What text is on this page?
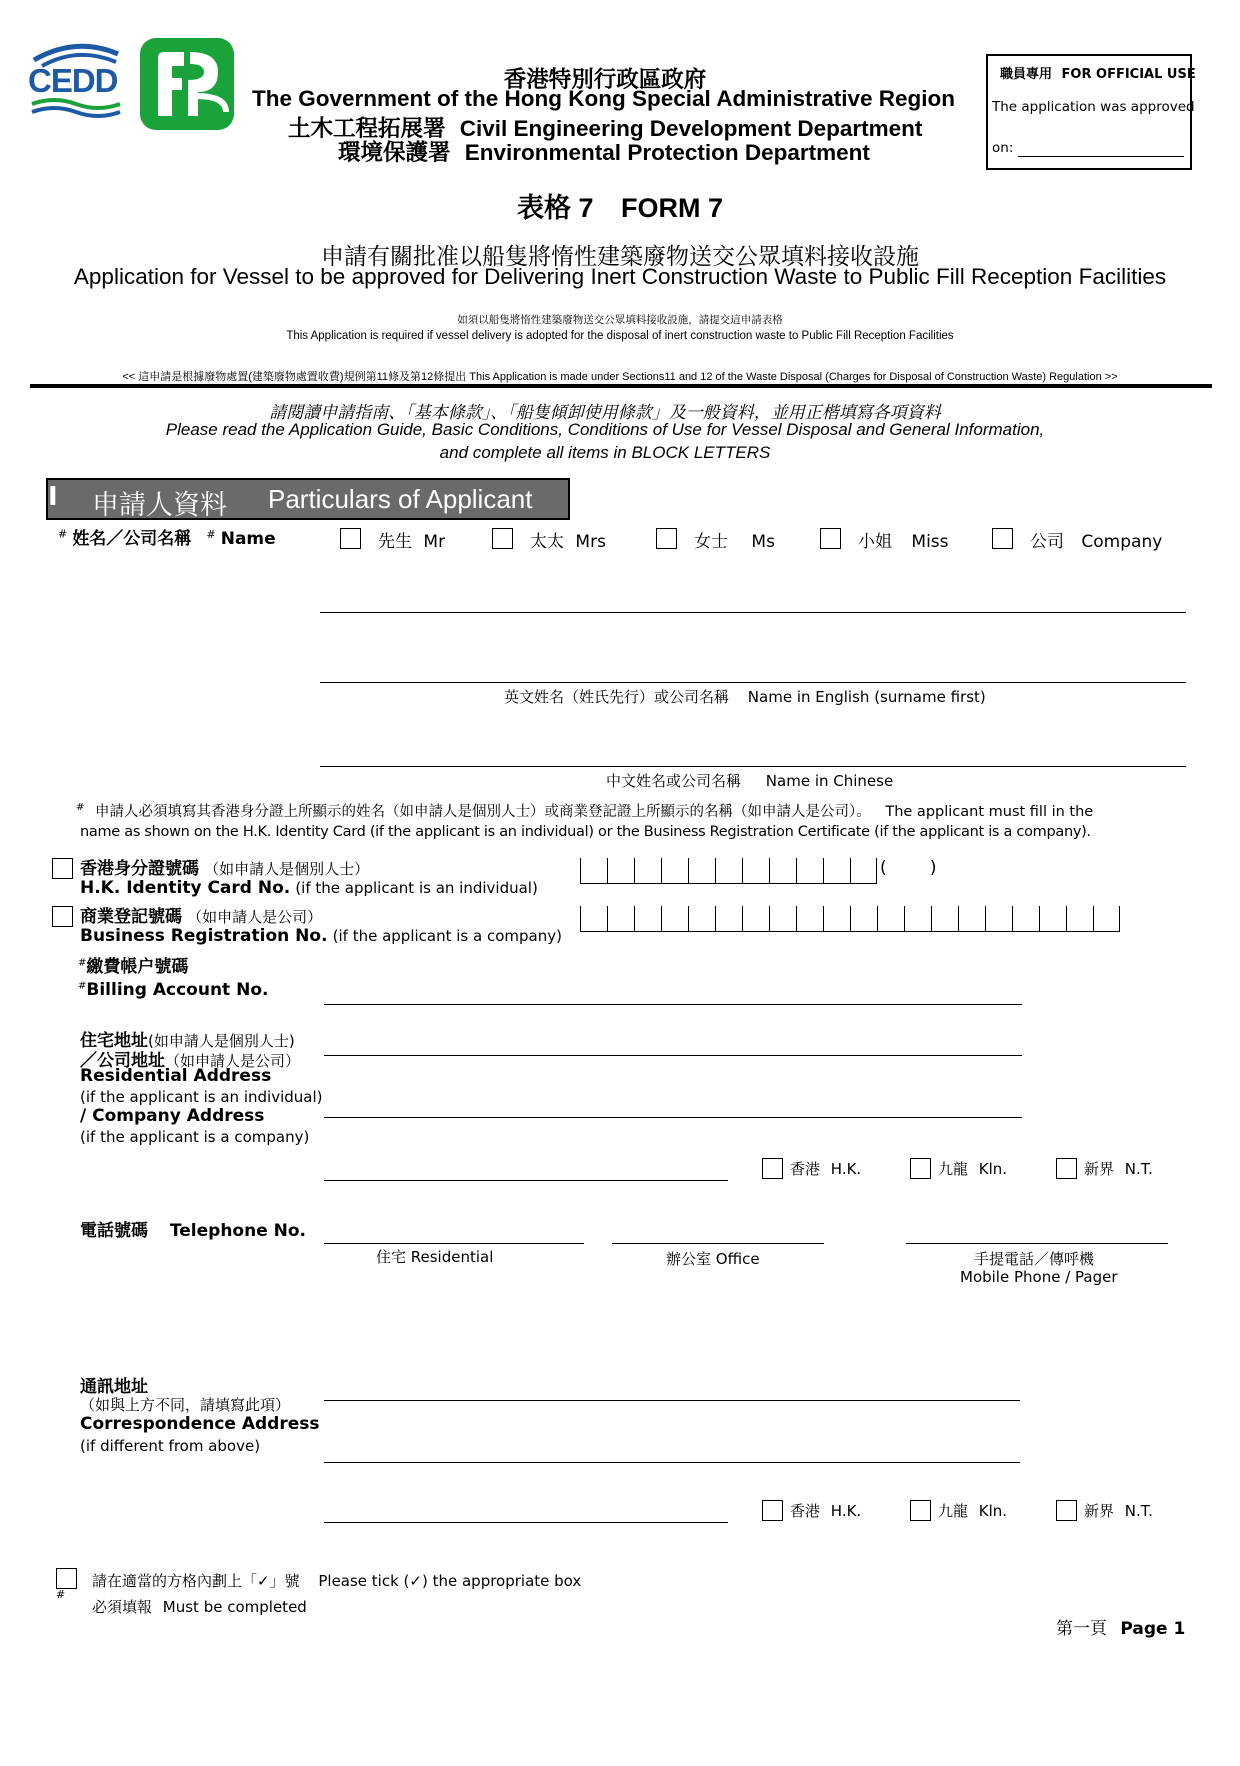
CEDD	香港特別行政區政府
The Government of the Hong Kong Special Administrative Region
土木工程拓展署 Civil Engineering Development Department
環境保護署 Environmental Protection Department
職員專用 FOR OFFICIAL USE
The application was approved
on:
表格 7 FORM 7
申請有關批准以船隻將惰性建築廢物送交公眾填料接收設施
Application for Vessel to be approved for Delivering Inert Construction Waste to Public Fill Reception Facilities
如須以船隻將惰性建築廢物送交公眾填料接收設施，請提交這申請表格
This Application is required if vessel delivery is adopted for the disposal of inert construction waste to Public Fill Reception Facilities
<< 這申請是根據廢物處置(建築廢物處置收費)規例第11條及第12條提出 This Application is made under Sections11 and 12 of the Waste Disposal (Charges for Disposal of Construction Waste) Regulation >>
請閱讀申請指南、「基本條款」、「船隻傾卸使用條款」及一般資料，並用正楷填寫各項資料
Please read the Application Guide, Basic Conditions, Conditions of Use for Vessel Disposal and General Information,
and complete all items in BLOCK LETTERS
I 申請人資料 Particulars of Applicant
# 姓名／公司名稱 # Name	先生 Mr	太太 Mrs	女士 Ms	小姐 Miss	公司 Company
英文姓名（姓氏先行）或公司名稱 Name in English (surname first)
中文姓名或公司名稱 Name in Chinese
# 申請人必須填寫其香港身分證上所顯示的姓名（如申請人是個別人士）或商業登記證上所顯示的名稱（如申請人是公司）。 The applicant must fill in the
name as shown on the H.K. Identity Card (if the applicant is an individual) or the Business Registration Certificate (if the applicant is a company).
香港身分證號碼 （如申請人是個別人士）
H.K. Identity Card No. (if the applicant is an individual)
(        )
商業登記號碼 （如申請人是公司）
Business Registration No. (if the applicant is a company)
#繳費帳户號碼
#Billing Account No.
住宅地址(如申請人是個別人士)
／公司地址（如申請人是公司）
Residential Address
(if the applicant is an individual)
/ Company Address
(if the applicant is a company)
香港 H.K.	九龍 Kln.	新界 N.T.
電話號碼 Telephone No.
住宅 Residential	辦公室 Office	手提電話／傳呼機
Mobile Phone / Pager
通訊地址
（如與上方不同，請填寫此項）
Correspondence Address
(if different from above)
香港 H.K.	九龍 Kln.	新界 N.T.
請在適當的方格內劃上「✓」號 Please tick (✓) the appropriate box
#
必須填報 Must be completed
第一頁 Page 1
